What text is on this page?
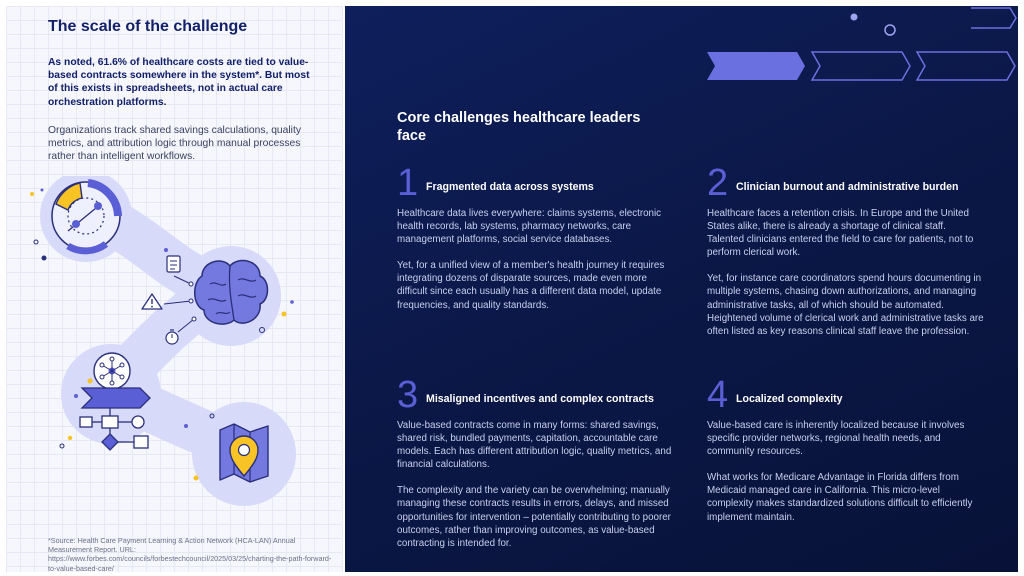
The scale of the challenge

As noted, 61.6% of healthcare costs are tied to value-based contracts somewhere in the system*. But most of this exists in spreadsheets, not in actual care orchestration platforms.

Organizations track shared savings calculations, quality metrics, and attribution logic through manual processes rather than intelligent workflows.

*Source: Health Care Payment Learning & Action Network (HCA-LAN) Annual Measurement Report. URL: https://www.forbes.com/councils/forbestechcouncil/2025/03/25/charting-the-path-forward-to-value-based-care/

Core challenges healthcare leaders face
1 Fragmented data across systems

Healthcare data lives everywhere: claims systems, electronic health records, lab systems, pharmacy networks, care management platforms, social service databases.

Yet, for a unified view of a member's health journey it requires integrating dozens of disparate sources, made even more difficult since each usually has a different data model, update frequencies, and quality standards.

2 Clinician burnout and administrative burden

Healthcare faces a retention crisis. In Europe and the United States alike, there is already a shortage of clinical staff. Talented clinicians entered the field to care for patients, not to perform clerical work.

Yet, for instance care coordinators spend hours documenting in multiple systems, chasing down authorizations, and managing administrative tasks, all of which should be automated. Heightened volume of clerical work and administrative tasks are often listed as key reasons clinical staff leave the profession.

3 Misaligned incentives and complex contracts

Value-based contracts come in many forms: shared savings, shared risk, bundled payments, capitation, accountable care models. Each has different attribution logic, quality metrics, and financial calculations.

The complexity and the variety can be overwhelming; manually managing these contracts results in errors, delays, and missed opportunities for intervention – potentially contributing to poorer outcomes, rather than improving outcomes, as value-based contracting is intended for.

4 Localized complexity

Value-based care is inherently localized because it involves specific provider networks, regional health needs, and community resources.

What works for Medicare Advantage in Florida differs from Medicaid managed care in California. This micro-level complexity makes standardized solutions difficult to efficiently implement maintain.
